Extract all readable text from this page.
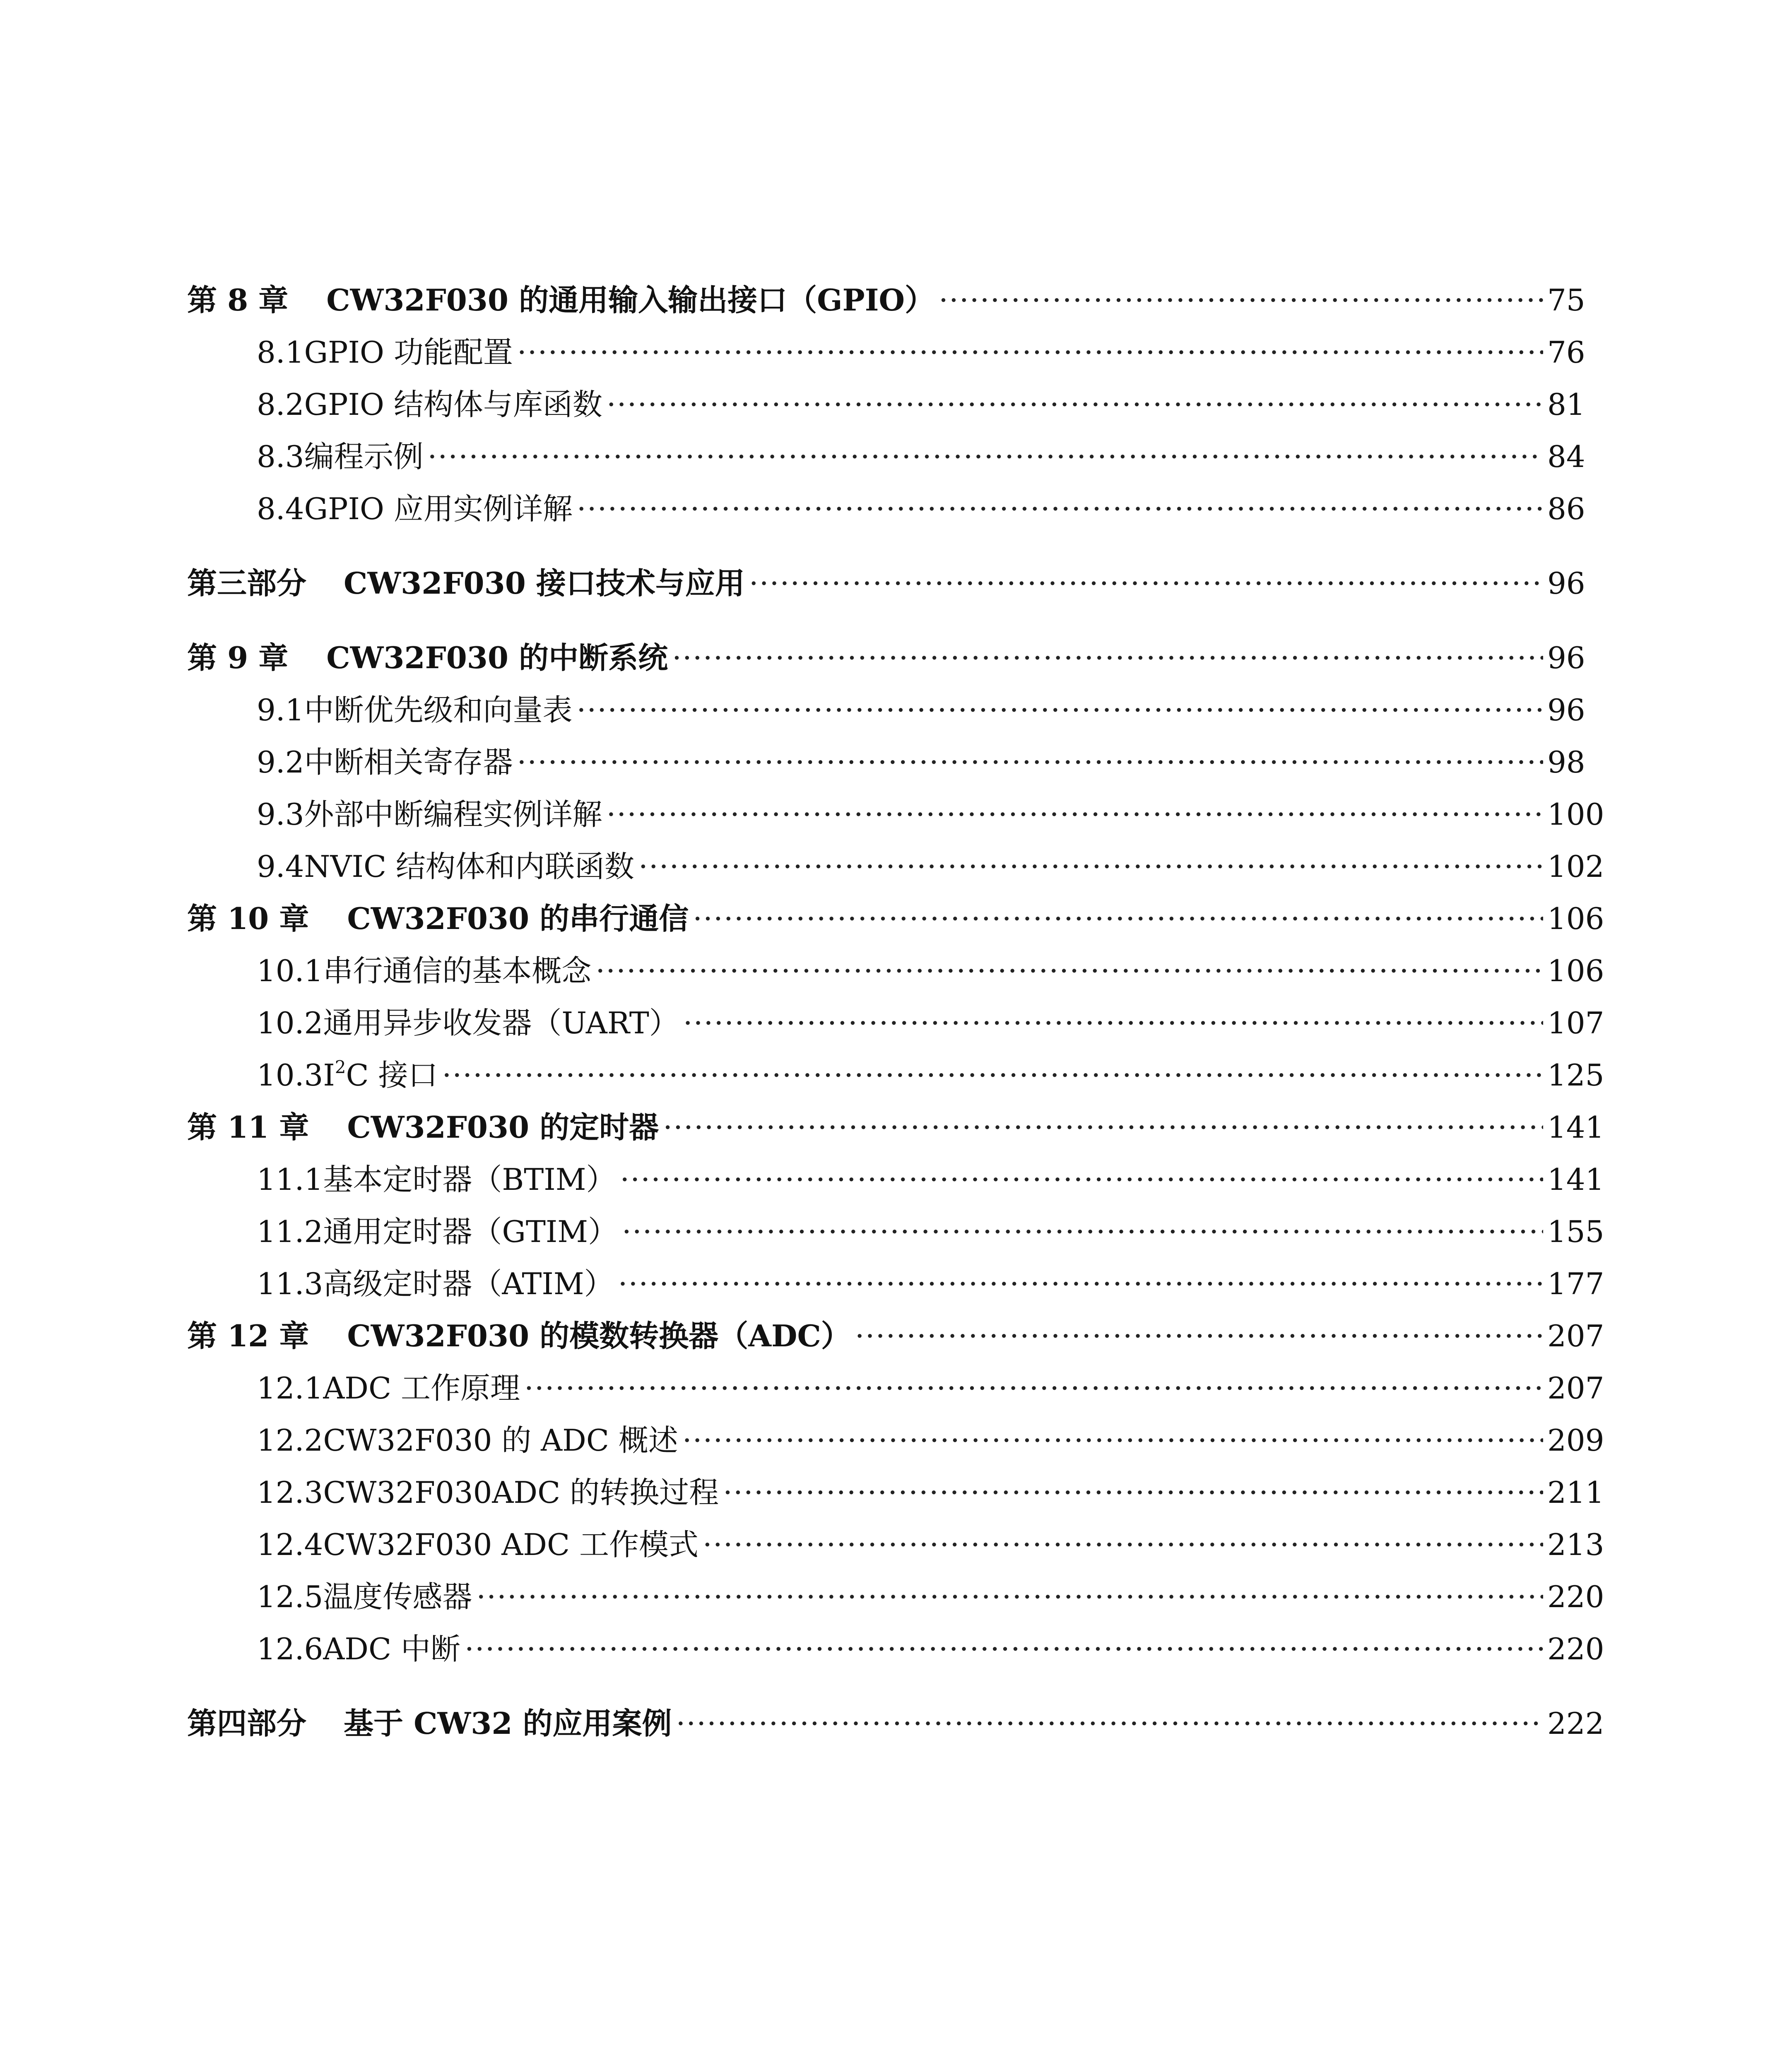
第 8 章 CW32F030 的通用输入输出接口（GPIO） ·····	75
8.1 GPIO 功能配置 ·····	76
8.2 GPIO 结构体与库函数 ·····	81
8.3 编程示例 ·····	84
8.4 GPIO 应用实例详解 ·····	86
第三部分 CW32F030 接口技术与应用 ·····	96
第 9 章 CW32F030 的中断系统 ·····	96
9.1 中断优先级和向量表 ·····	96
9.2 中断相关寄存器 ·····	98
9.3 外部中断编程实例详解 ·····	100
9.4 NVIC 结构体和内联函数 ·····	102
第 10 章 CW32F030 的串行通信 ·····	106
10.1 串行通信的基本概念 ·····	106
10.2 通用异步收发器（UART） ·····	107
10.3 $I^2C$ 接口 ·····	125
第 11 章 CW32F030 的定时器 ·····	141
11.1 基本定时器（BTIM） ·····	141
11.2 通用定时器（GTIM） ·····	155
11.3 高级定时器（ATIM） ·····	177
第 12 章 CW32F030 的模数转换器（ADC） ·····	207
12.1 ADC 工作原理 ·····	207
12.2 CW32F030 的 ADC 概述 ·····	209
12.3 CW32F030ADC 的转换过程 ·····	211
12.4 CW32F030 ADC 工作模式 ·····	213
12.5 温度传感器 ·····	220
12.6 ADC 中断 ·····	220
第四部分 基于 CW32 的应用案例 ·····	222
